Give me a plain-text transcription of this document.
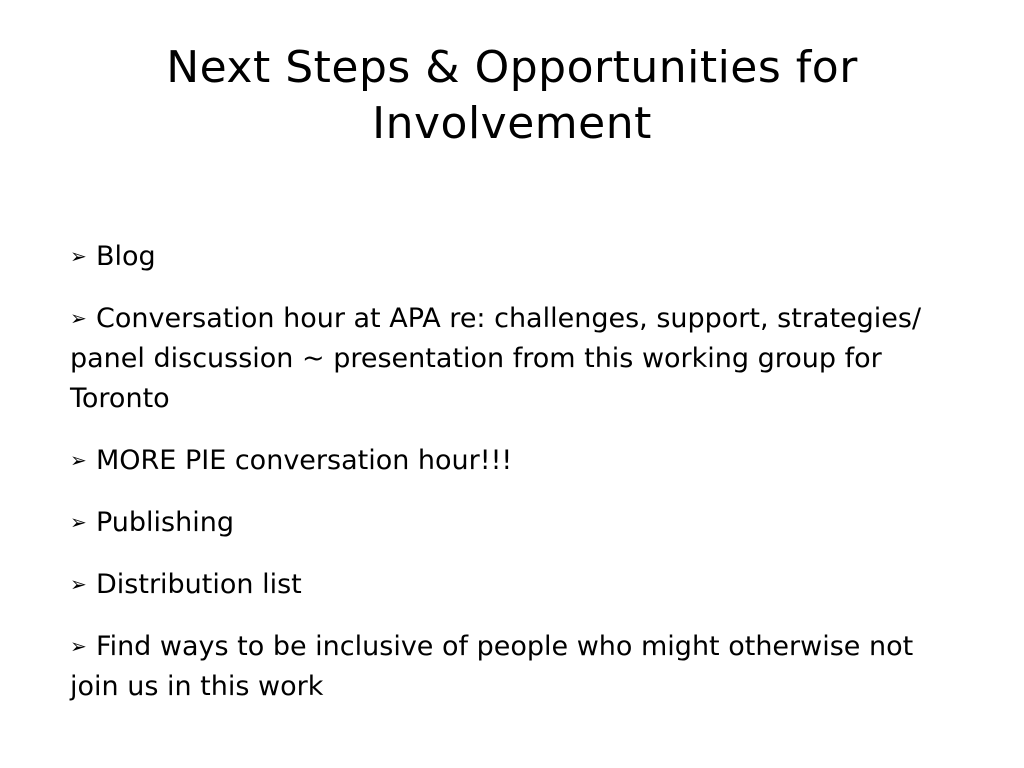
Next Steps & Opportunities for Involvement
➢ Blog
➢ Conversation hour at APA re: challenges, support, strategies/ panel discussion ~ presentation from this working group for Toronto
➢ MORE PIE conversation hour!!!
➢ Publishing
➢ Distribution list
➢ Find ways to be inclusive of people who might otherwise not join us in this work
